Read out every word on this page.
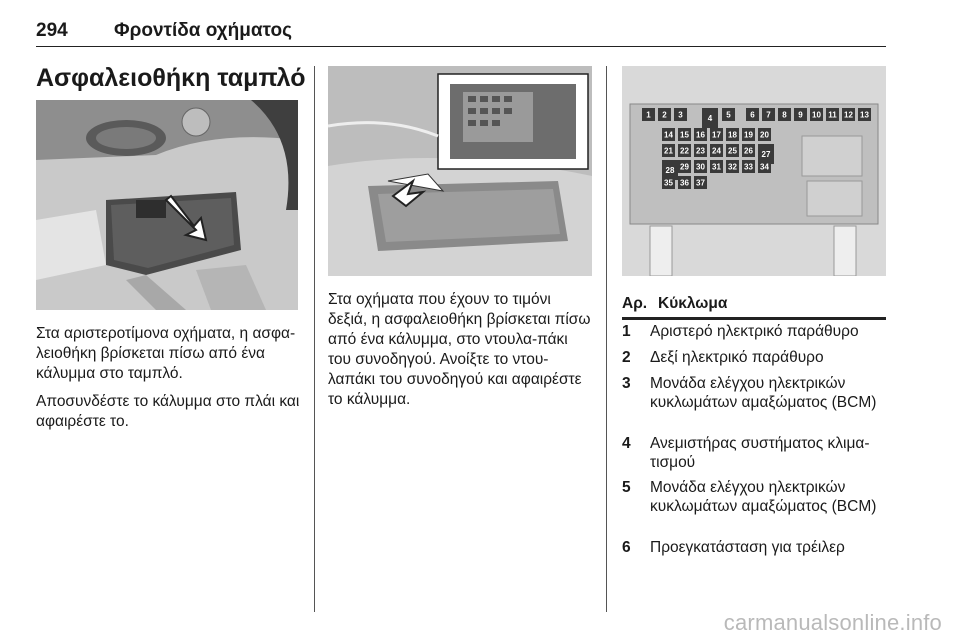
294 Φροντίδα οχήματος
Ασφαλειοθήκη ταμπλό
1 2 3	4 5 6 7 8 9 10 11 12 13
14 15 16 17 18 19 20
21 22 23 24 25 26 27
28 29 30 31 32 33 34
35 36 37

Στα αριστεροτίμονα οχήματα, η ασφα-λειοθήκη βρίσκεται πίσω από ένα κάλυμμα στο ταμπλό.

Αποσυνδέστε το κάλυμμα στο πλάι και αφαιρέστε το.

Στα οχήματα που έχουν το τιμόνι δεξιά, η ασφαλειοθήκη βρίσκεται πίσω από ένα κάλυμμα, στο ντουλα-πάκι του συνοδηγού. Ανοίξτε το ντου-λαπάκι του συνοδηγού και αφαιρέστε το κάλυμμα.

Αρ. Κύκλωμα
1 Αριστερό ηλεκτρικό παράθυρο
2 Δεξί ηλεκτρικό παράθυρο
3 Μονάδα ελέγχου ηλεκτρικών κυκλωμάτων αμαξώματος (BCM)
4 Ανεμιστήρας συστήματος κλιμα-τισμού
5 Μονάδα ελέγχου ηλεκτρικών κυκλωμάτων αμαξώματος (BCM)
6 Προεγκατάσταση για τρέιλερ
carmanualsonline.info
